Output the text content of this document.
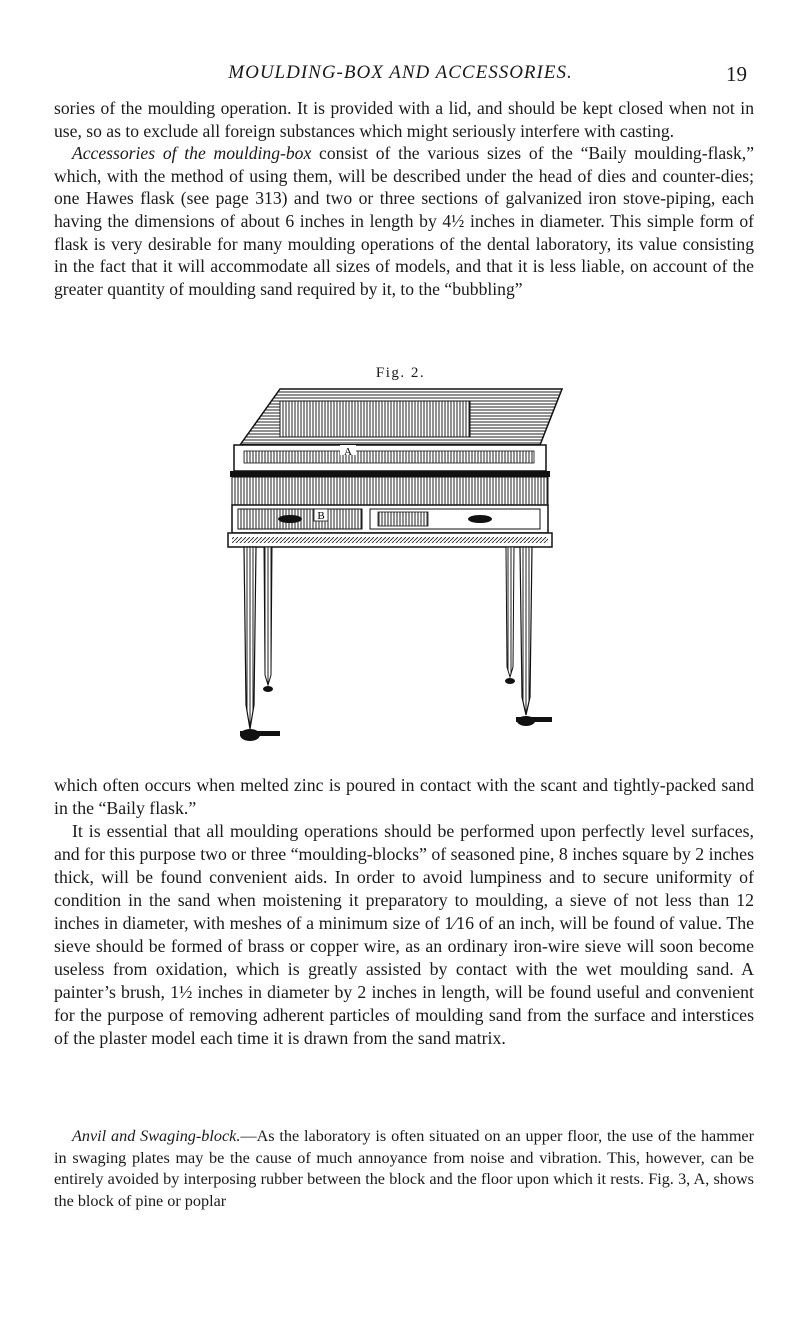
MOULDING-BOX AND ACCESSORIES.	19

sories of the moulding operation. It is provided with a lid, and should be kept closed when not in use, so as to exclude all foreign substances which might seriously interfere with casting.

Accessories of the moulding-box consist of the various sizes of the “Baily moulding-flask,” which, with the method of using them, will be described under the head of dies and counter-dies; one Hawes flask (see page 313) and two or three sections of galvanized iron stove-piping, each having the dimensions of about 6 inches in length by 4½ inches in diameter. This simple form of flask is very desirable for many moulding operations of the dental laboratory, its value consisting in the fact that it will accommodate all sizes of models, and that it is less liable, on account of the greater quantity of moulding sand required by it, to the “bubbling”

Fig. 2.
A
B

which often occurs when melted zinc is poured in contact with the scant and tightly-packed sand in the “Baily flask.”

It is essential that all moulding operations should be performed upon perfectly level surfaces, and for this purpose two or three “moulding-blocks” of seasoned pine, 8 inches square by 2 inches thick, will be found convenient aids. In order to avoid lumpiness and to secure uniformity of condition in the sand when moistening it preparatory to moulding, a sieve of not less than 12 inches in diameter, with meshes of a minimum size of 1⁄16 of an inch, will be found of value. The sieve should be formed of brass or copper wire, as an ordinary iron-wire sieve will soon become useless from oxidation, which is greatly assisted by contact with the wet moulding sand. A painter’s brush, 1½ inches in diameter by 2 inches in length, will be found useful and convenient for the purpose of removing adherent particles of moulding sand from the surface and interstices of the plaster model each time it is drawn from the sand matrix.

Anvil and Swaging-block.—As the laboratory is often situated on an upper floor, the use of the hammer in swaging plates may be the cause of much annoyance from noise and vibration. This, however, can be entirely avoided by interposing rubber between the block and the floor upon which it rests. Fig. 3, A, shows the block of pine or poplar
